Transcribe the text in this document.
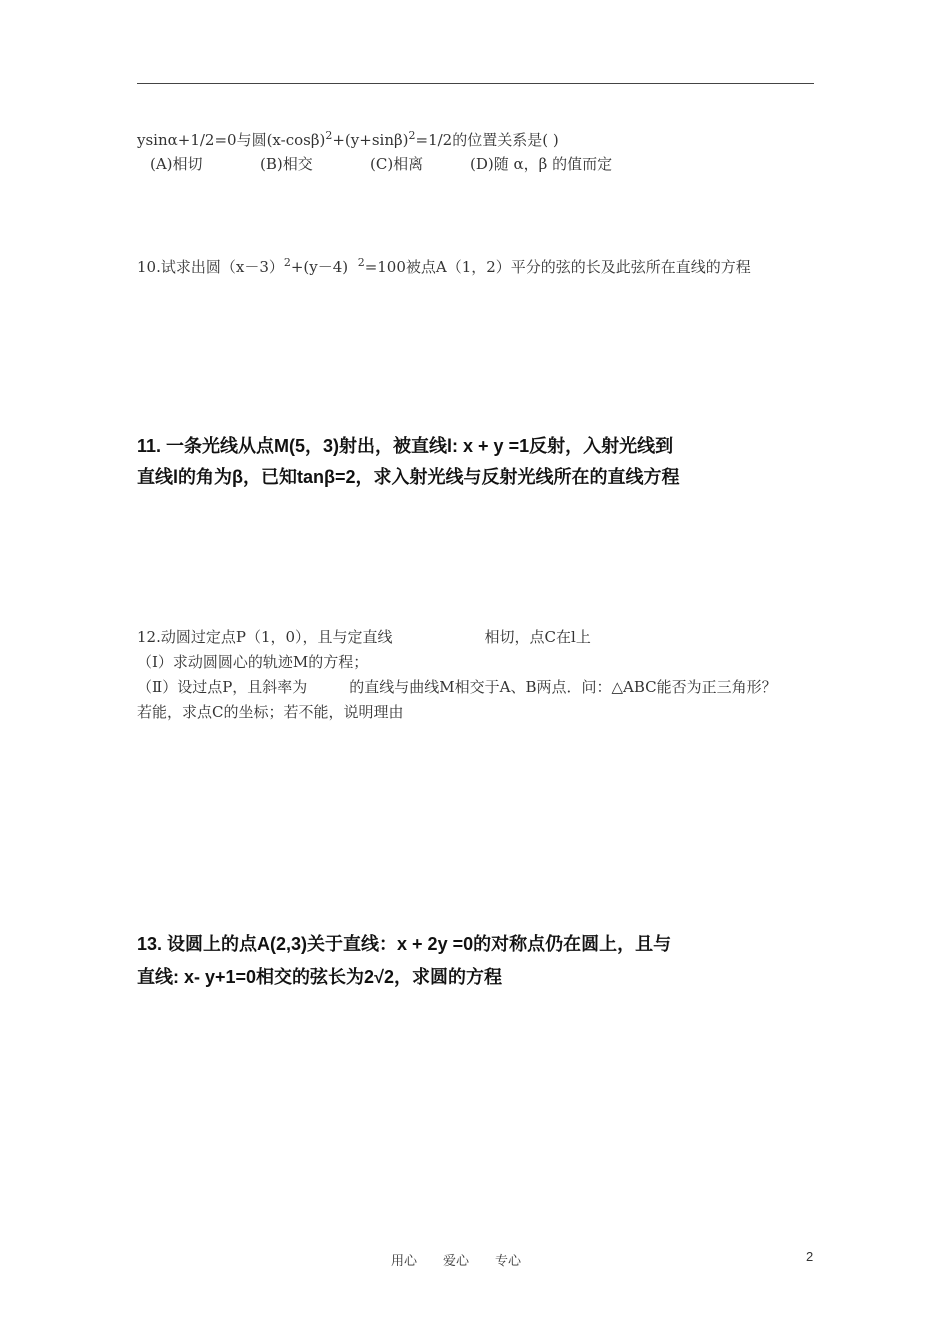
ysinα+1/2=0与圆$(x-\cos\beta)^2+(y+\sin\beta)^2=1/2$的位置关系是( )
(A)相切	(B)相交	(C)相离	(D)随 α，β 的值而定
10.试求出圆$(x-3)^2+(y-4)$  $^2$=100被点A（1，2）平分的弦的长及此弦所在直线的方程
11. 一条光线从点M(5，3)射出，被直线l: x + y =1反射，入射光线到
直线l的角为β，已知tanβ=2，求入射光线与反射光线所在的直线方程
12.动圆过定点P（1，0），且与定直线	相切，点C在l上
（Ⅰ）求动圆圆心的轨迹M的方程；
（Ⅱ）设过点P，且斜率为	的直线与曲线M相交于A、B两点．问：△ABC能否为正三角形？
若能，求点C的坐标；若不能，说明理由
13. 设圆上的点A(2,3)关于直线：x + 2y =0的对称点仍在圆上，且与
直线: x- y+1=0相交的弦长为2√2，求圆的方程
用心 爱心 专心	2
